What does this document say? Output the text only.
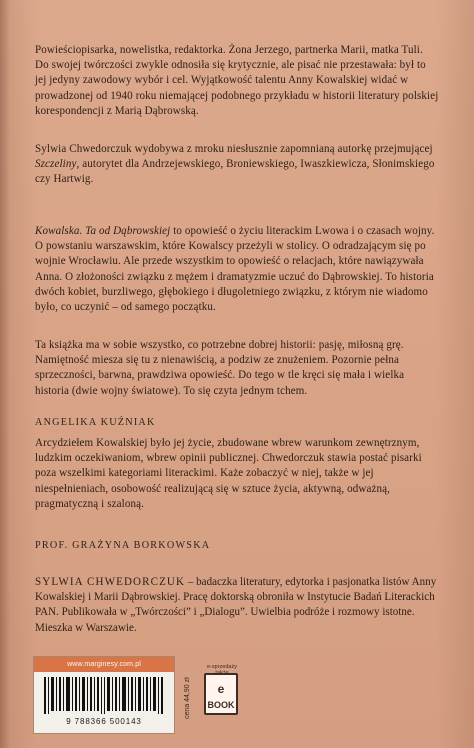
Powieściopisarka, nowelistka, redaktorka. Żona Jerzego, partnerka Marii, matka Tuli. Do swojej twórczości zwykle odnosiła się krytycznie, ale pisać nie przestawała: był to jej jedyny zawodowy wybór i cel. Wyjątkowość talentu Anny Kowalskiej widać w prowadzonej od 1940 roku niemającej podobnego przykładu w historii literatury polskiej korespondencji z Marią Dąbrowską.

Sylwia Chwedorczuk wydobywa z mroku niesłusznie zapomnianą autorkę przejmującej Szczeliny, autorytet dla Andrzejewskiego, Broniewskiego, Iwaszkiewicza, Słonimskiego czy Hartwig.

Kowalska. Ta od Dąbrowskiej to opowieść o życiu literackim Lwowa i o czasach wojny. O powstaniu warszawskim, które Kowalscy przeżyli w stolicy. O odradzającym się po wojnie Wrocławiu. Ale przede wszystkim to opowieść o relacjach, które nawiązywała Anna. O złożoności związku z mężem i dramatyzmie uczuć do Dąbrowskiej. To historia dwóch kobiet, burzliwego, głębokiego i długoletniego związku, z którym nie wiadomo było, co uczynić – od samego początku.

Ta książka ma w sobie wszystko, co potrzebne dobrej historii: pasję, miłosną grę. Namiętność miesza się tu z nienawiścią, a podziw ze znużeniem. Pozornie pełna sprzeczności, barwna, prawdziwa opowieść. Do tego w tle kręci się mała i wielka historia (dwie wojny światowe). To się czyta jednym tchem.

ANGELIKA KUŹNIAK

Arcydziełem Kowalskiej było jej życie, zbudowane wbrew warunkom zewnętrznym, ludzkim oczekiwaniom, wbrew opinii publicznej. Chwedorczuk stawia postać pisarki poza wszelkimi kategoriami literackimi. Każe zobaczyć w niej, także w jej niespełnieniach, osobowość realizującą się w sztuce życia, aktywną, odważną, pragmatyczną i szaloną.

PROF. GRAŻYNA BORKOWSKA

SYLWIA CHWEDORCZUK – badaczka literatury, edytorka i pasjonatka listów Anny Kowalskiej i Marii Dąbrowskiej. Pracę doktorską obroniła w Instytucie Badań Literackich PAN. Publikowała w „Twórczości” i „Dialogu”. Uwielbia podróże i rozmowy istotne. Mieszka w Warszawie.

www.marginesy.com.pl
9 788366 500143
cena 44,90 zł
e-sprzedaży
e
BOOK
